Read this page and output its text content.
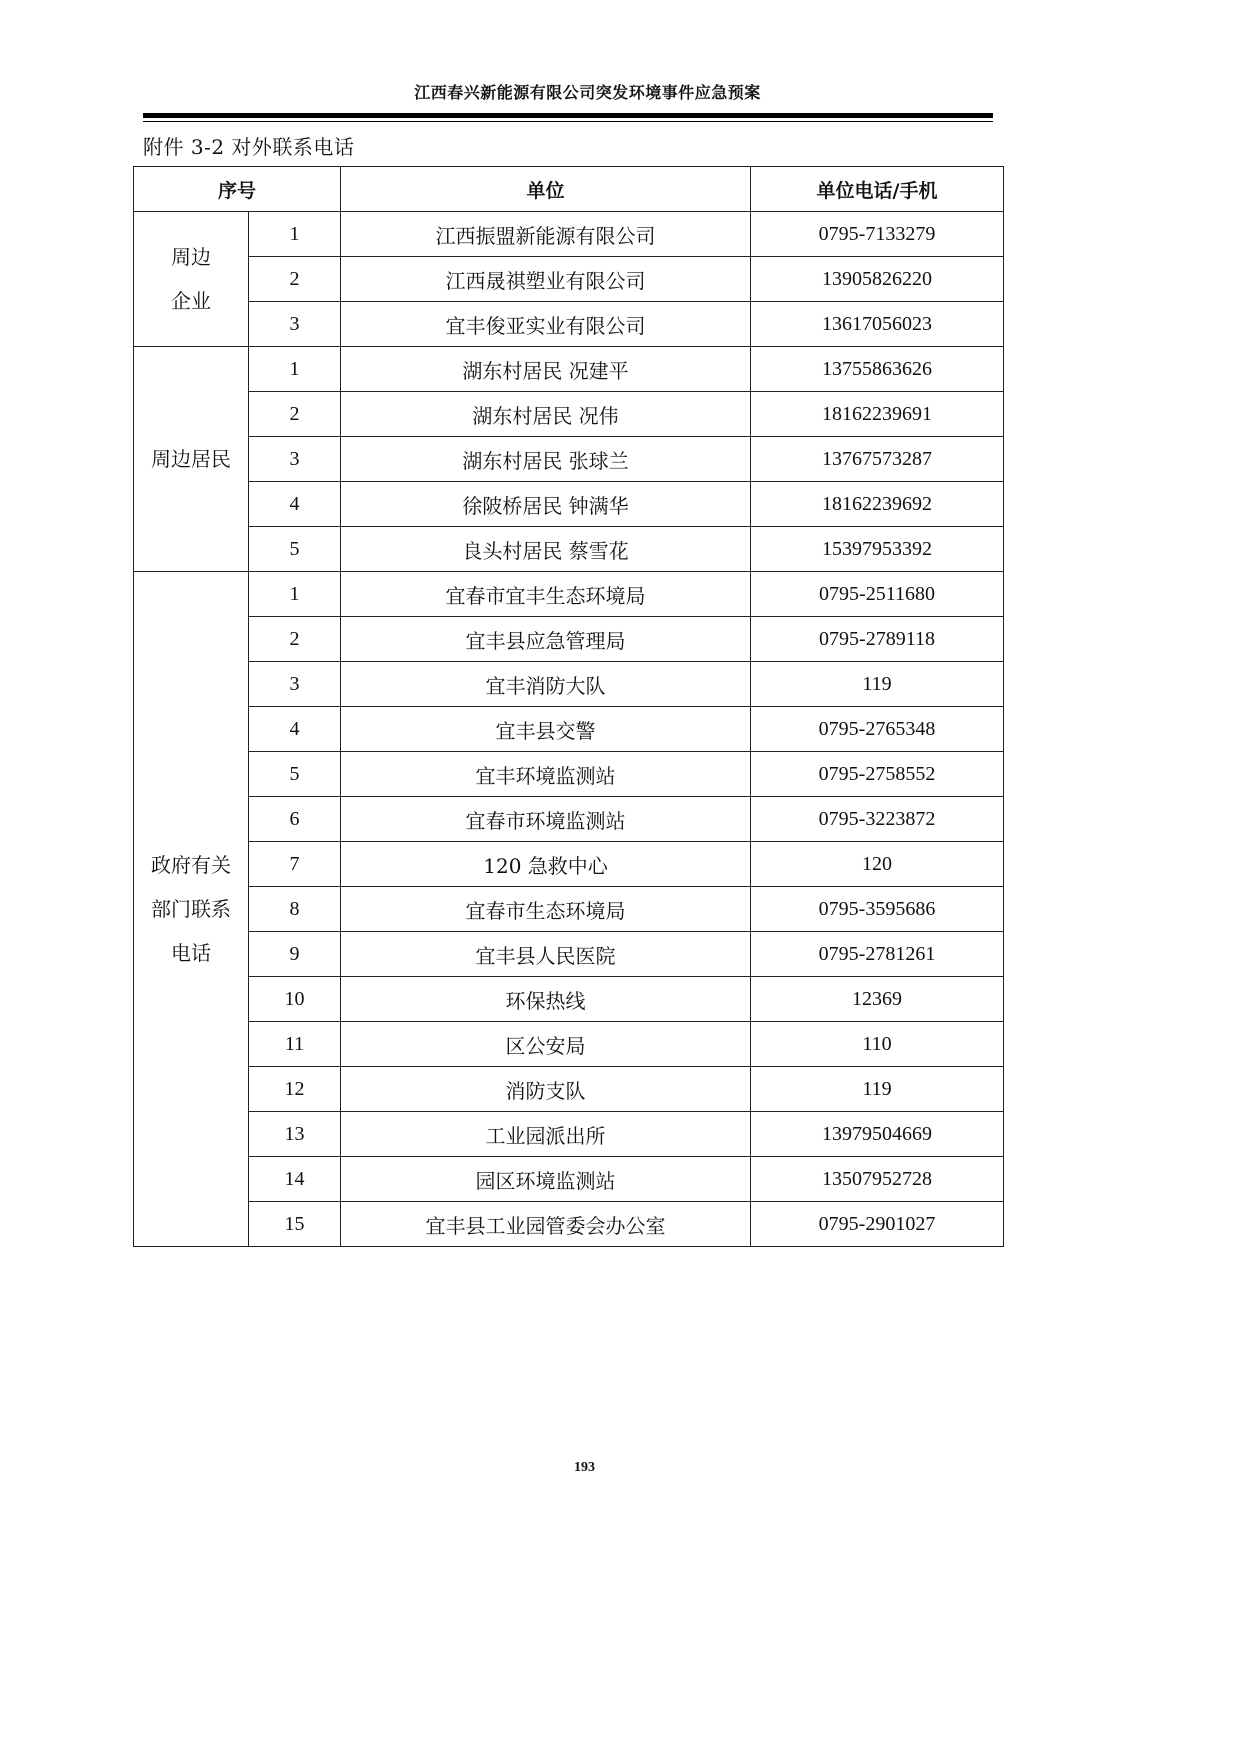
江西春兴新能源有限公司突发环境事件应急预案
附件 3-2 对外联系电话
序号		单位	单位电话/手机

周边
企业	1	江西振盟新能源有限公司	0795-7133279
	2	江西晟祺塑业有限公司	13905826220
	3	宜丰俊亚实业有限公司	13617056023

周边居民	1	湖东村居民 况建平	13755863626
	2	湖东村居民 况伟	18162239691
	3	湖东村居民 张球兰	13767573287
	4	徐陂桥居民 钟满华	18162239692
	5	良头村居民 蔡雪花	15397953392

政府有关
部门联系
电话	1	宜春市宜丰生态环境局	0795-2511680
	2	宜丰县应急管理局	0795-2789118
	3	宜丰消防大队	119
	4	宜丰县交警	0795-2765348
	5	宜丰环境监测站	0795-2758552
	6	宜春市环境监测站	0795-3223872
	7	120 急救中心	120
	8	宜春市生态环境局	0795-3595686
	9	宜丰县人民医院	0795-2781261
	10	环保热线	12369
	11	区公安局	110
	12	消防支队	119
	13	工业园派出所	13979504669
	14	园区环境监测站	13507952728
	15	宜丰县工业园管委会办公室	0795-2901027
193
